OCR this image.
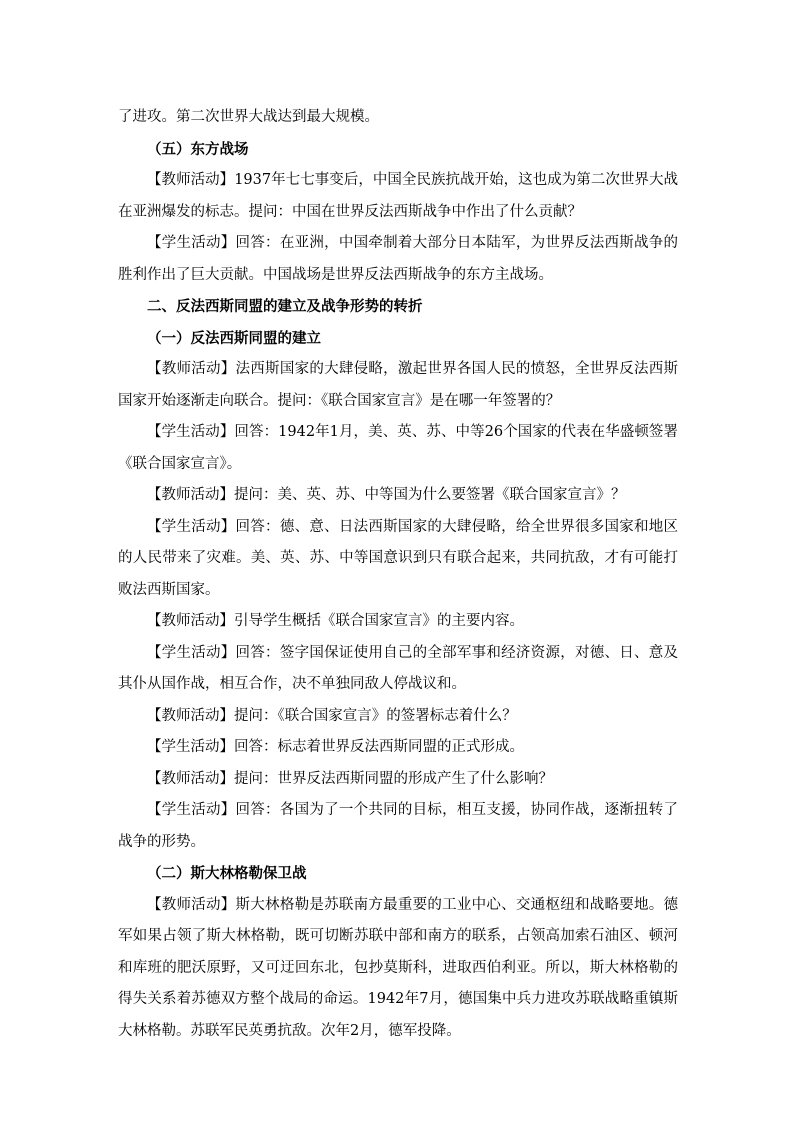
了进攻。第二次世界大战达到最大规模。

（五）东方战场

【教师活动】1937年七七事变后，中国全民族抗战开始，这也成为第二次世界大战在亚洲爆发的标志。提问：中国在世界反法西斯战争中作出了什么贡献？

【学生活动】回答：在亚洲，中国牵制着大部分日本陆军，为世界反法西斯战争的胜利作出了巨大贡献。中国战场是世界反法西斯战争的东方主战场。

二、反法西斯同盟的建立及战争形势的转折

（一）反法西斯同盟的建立

【教师活动】法西斯国家的大肆侵略，激起世界各国人民的愤怒，全世界反法西斯国家开始逐渐走向联合。提问：《联合国家宣言》是在哪一年签署的？

【学生活动】回答：1942年1月，美、英、苏、中等26个国家的代表在华盛顿签署《联合国家宣言》。

【教师活动】提问：美、英、苏、中等国为什么要签署《联合国家宣言》？

【学生活动】回答：德、意、日法西斯国家的大肆侵略，给全世界很多国家和地区的人民带来了灾难。美、英、苏、中等国意识到只有联合起来，共同抗敌，才有可能打败法西斯国家。

【教师活动】引导学生概括《联合国家宣言》的主要内容。

【学生活动】回答：签字国保证使用自己的全部军事和经济资源，对德、日、意及其仆从国作战，相互合作，决不单独同敌人停战议和。

【教师活动】提问：《联合国家宣言》的签署标志着什么？

【学生活动】回答：标志着世界反法西斯同盟的正式形成。

【教师活动】提问：世界反法西斯同盟的形成产生了什么影响？

【学生活动】回答：各国为了一个共同的目标，相互支援，协同作战，逐渐扭转了战争的形势。

（二）斯大林格勒保卫战

【教师活动】斯大林格勒是苏联南方最重要的工业中心、交通枢纽和战略要地。德军如果占领了斯大林格勒，既可切断苏联中部和南方的联系，占领高加索石油区、顿河和库班的肥沃原野，又可迂回东北，包抄莫斯科，进取西伯利亚。所以，斯大林格勒的得失关系着苏德双方整个战局的命运。1942年7月，德国集中兵力进攻苏联战略重镇斯大林格勒。苏联军民英勇抗敌。次年2月，德军投降。
